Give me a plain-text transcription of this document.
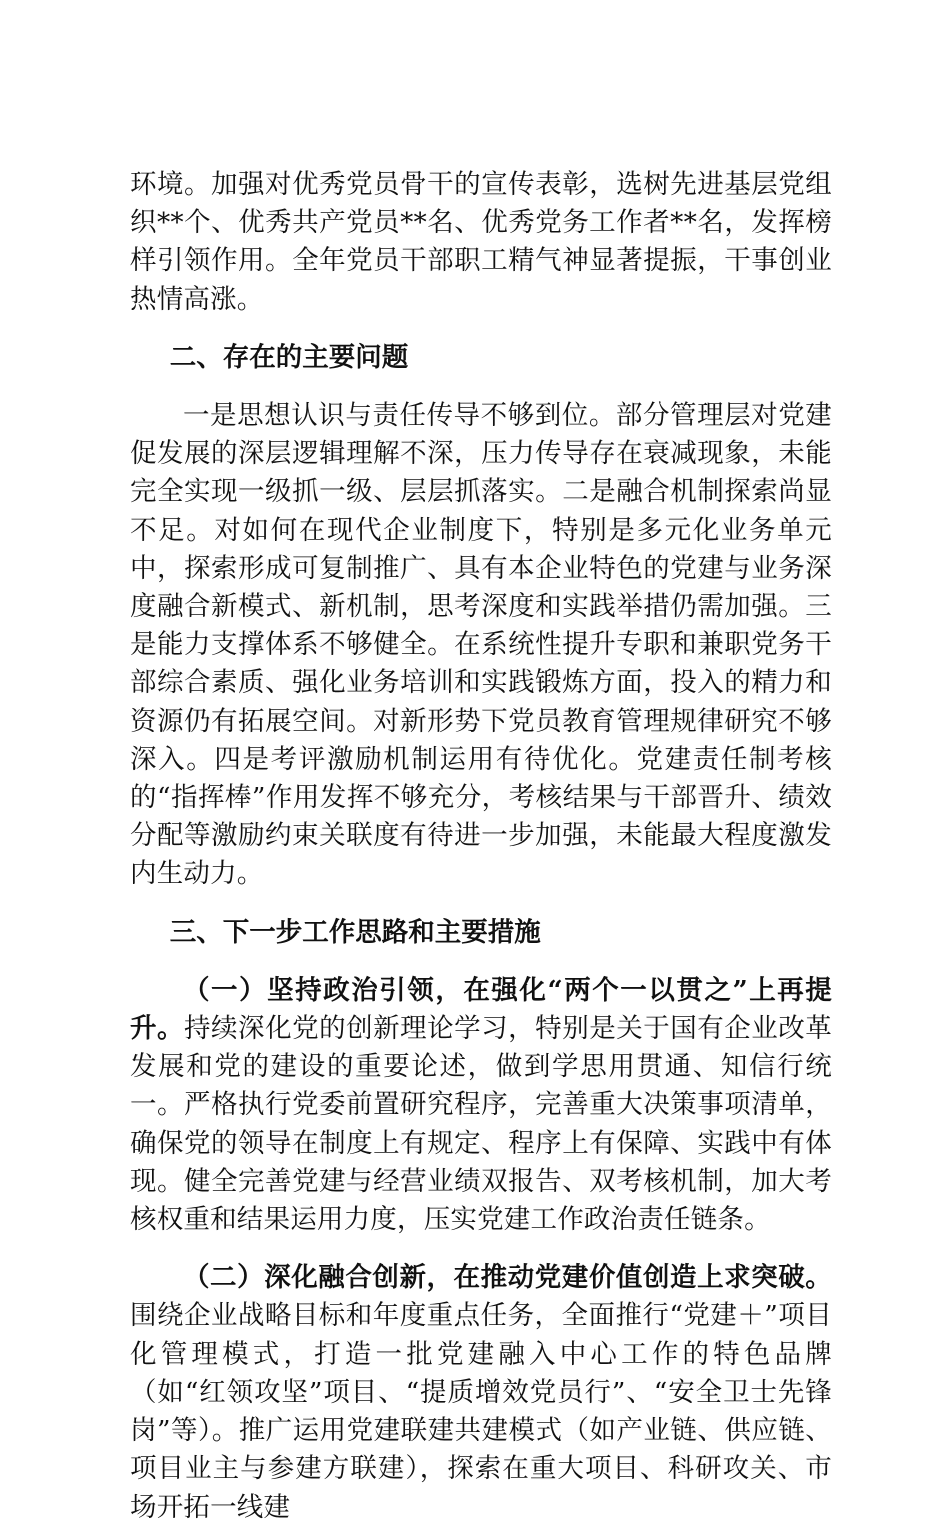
环境。加强对优秀党员骨干的宣传表彰，选树先进基层党组织**个、优秀共产党员**名、优秀党务工作者**名，发挥榜样引领作用。全年党员干部职工精气神显著提振，干事创业热情高涨。

二、存在的主要问题

一是思想认识与责任传导不够到位。部分管理层对党建促发展的深层逻辑理解不深，压力传导存在衰减现象，未能完全实现一级抓一级、层层抓落实。二是融合机制探索尚显不足。对如何在现代企业制度下，特别是多元化业务单元中，探索形成可复制推广、具有本企业特色的党建与业务深度融合新模式、新机制，思考深度和实践举措仍需加强。三是能力支撑体系不够健全。在系统性提升专职和兼职党务干部综合素质、强化业务培训和实践锻炼方面，投入的精力和资源仍有拓展空间。对新形势下党员教育管理规律研究不够深入。四是考评激励机制运用有待优化。党建责任制考核的“指挥棒”作用发挥不够充分，考核结果与干部晋升、绩效分配等激励约束关联度有待进一步加强，未能最大程度激发内生动力。

三、下一步工作思路和主要措施

（一）坚持政治引领，在强化“两个一以贯之”上再提升。持续深化党的创新理论学习，特别是关于国有企业改革发展和党的建设的重要论述，做到学思用贯通、知信行统一。严格执行党委前置研究程序，完善重大决策事项清单，确保党的领导在制度上有规定、程序上有保障、实践中有体现。健全完善党建与经营业绩双报告、双考核机制，加大考核权重和结果运用力度，压实党建工作政治责任链条。

（二）深化融合创新，在推动党建价值创造上求突破。围绕企业战略目标和年度重点任务，全面推行“党建＋”项目化管理模式，打造一批党建融入中心工作的特色品牌（如“红领攻坚”项目、“提质增效党员行”、“安全卫士先锋岗”等）。推广运用党建联建共建模式（如产业链、供应链、项目业主与参建方联建），探索在重大项目、科研攻关、市场开拓一线建
